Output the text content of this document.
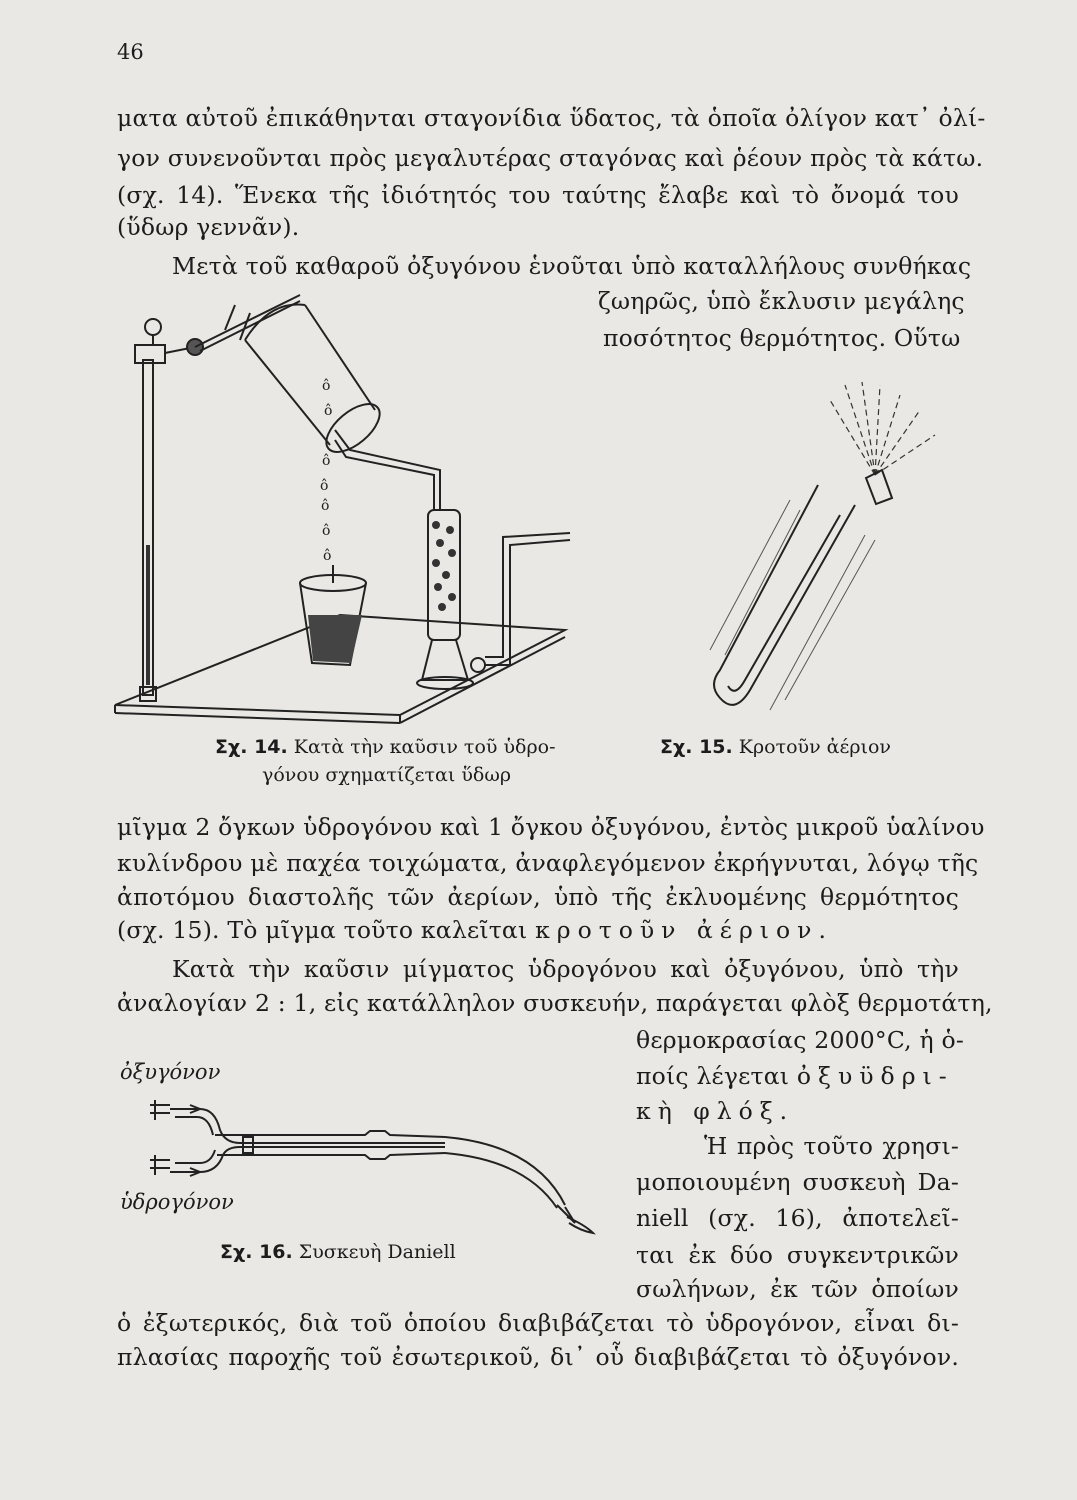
46
ματα αὐτοῦ ἐπικάθηνται σταγονίδια ὕδατος, τὰ ὁποῖα ὀλίγον κατ᾿ ὀλί-
γον συνενοῦνται πρὸς μεγαλυτέρας σταγόνας καὶ ῥέουν πρὸς τὰ κάτω.
(σχ. 14). Ἕνεκα τῆς ἰδιότητός του ταύτης ἔλαβε καὶ τὸ ὄνομά του
(ὕδωρ γεννᾶν).
Μετὰ τοῦ καθαροῦ ὀξυγόνου ἑνοῦται ὑπὸ καταλλήλους συνθήκας
ζωηρῶς, ὑπὸ ἔκλυσιν μεγάλης
ποσότητος θερμότητος. Οὕτω
ô
ô
ô
ô
ô
ô
ô
Σχ. 14. Κατὰ τὴν καῦσιν τοῦ ὑδρο-
γόνου σχηματίζεται ὕδωρ
Σχ. 15. Κροτοῦν ἀέριον
μῖγμα 2 ὄγκων ὑδρογόνου καὶ 1 ὄγκου ὀξυγόνου, ἐντὸς μικροῦ ὑαλίνου
κυλίνδρου μὲ παχέα τοιχώματα, ἀναφλεγόμενον ἐκρήγνυται, λόγῳ τῆς
ἀποτόμου διαστολῆς τῶν ἀερίων, ὑπὸ τῆς ἐκλυομένης θερμότητος
(σχ. 15). Τὸ μῖγμα τοῦτο καλεῖται κροτοῦν ἀέριον.
Κατὰ τὴν καῦσιν μίγματος ὑδρογόνου καὶ ὀξυγόνου, ὑπὸ τὴν
ἀναλογίαν 2 : 1, εἰς κατάλληλον συσκευήν, παράγεται φλὸξ θερμοτάτη,
θερμοκρασίας 2000°C, ἡ ὁ-
ποίς λέγεται ὀξυϋδρι-
κὴ φλόξ.
Ἡ πρὸς τοῦτο χρησι-
μοποιουμένη συσκευὴ Da-
niell (σχ. 16), ἀποτελεῖ-
ται ἐκ δύο συγκεντρικῶν
σωλήνων, ἐκ τῶν ὁποίων
ὁ ἐξωτερικός, διὰ τοῦ ὁποίου διαβιβάζεται τὸ ὑδρογόνον, εἶναι δι-
πλασίας παροχῆς τοῦ ἐσωτερικοῦ, δι᾿ οὗ διαβιβάζεται τὸ ὀξυγόνον.
ὀξυγόνον
ὑδρογόνον
Σχ. 16. Συσκευὴ Daniell
